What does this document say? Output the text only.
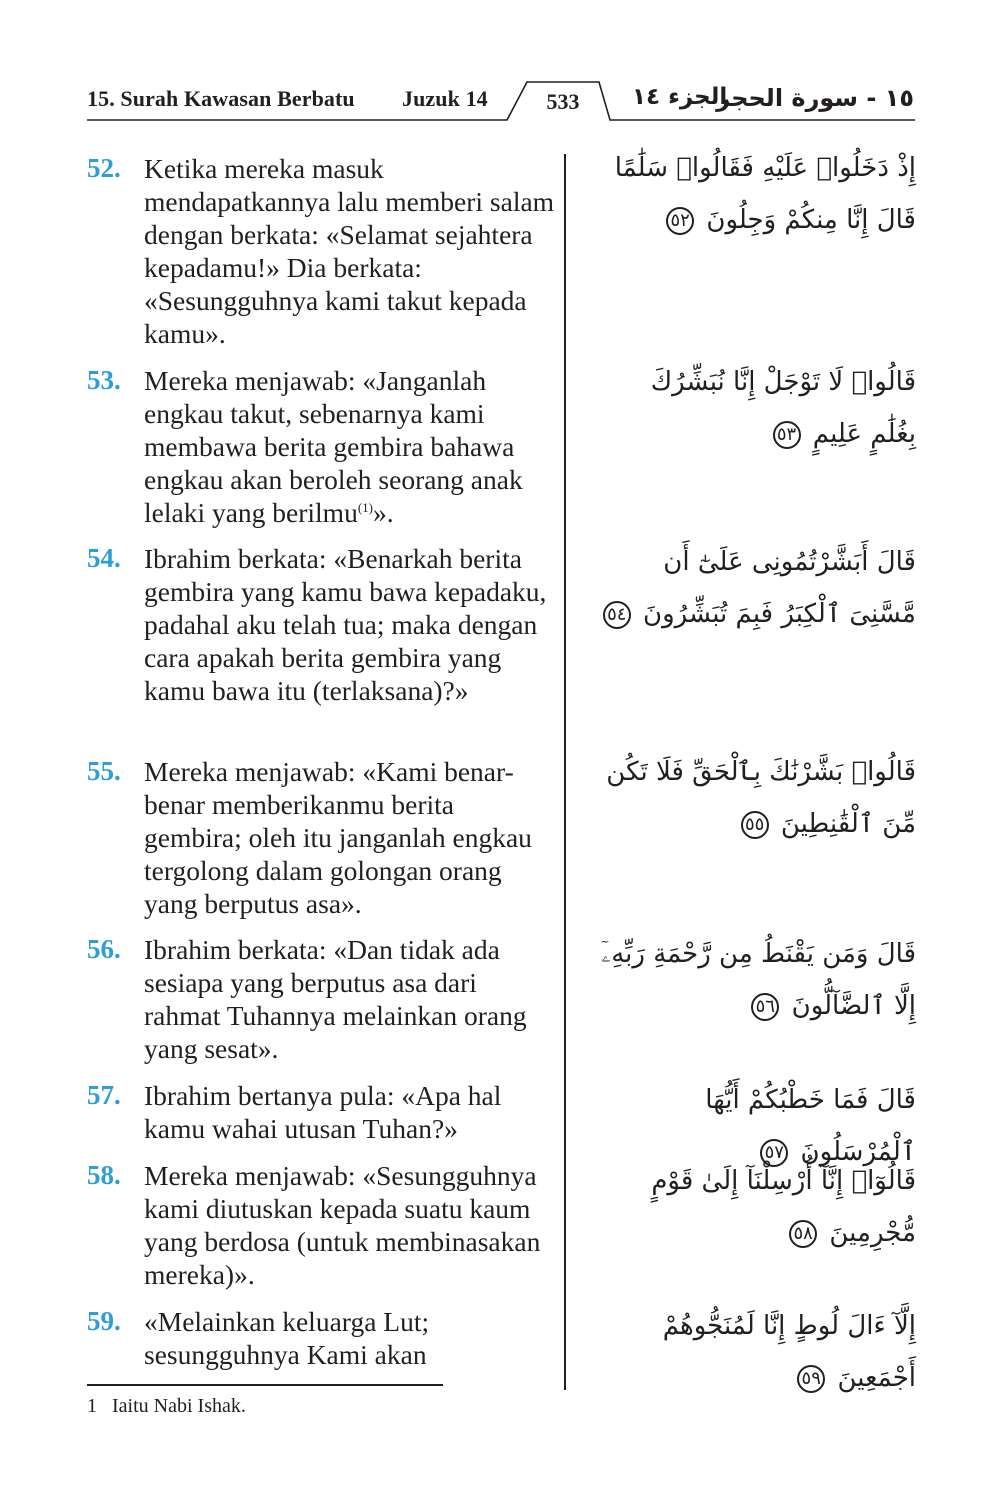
15. Surah Kawasan Berbatu Juzuk 14	533	الجزء ١٤
١٥ - سورة الحجر
52. Ketika mereka masuk mendapatkannya lalu memberi salam dengan berkata: «Selamat sejahtera kepadamu!» Dia berkata: «Sesungguhnya kami takut kepada kamu».
إِذْ دَخَلُوا۟ عَلَيْهِ فَقَالُوا۟ سَلَٰمًا قَالَ إِنَّا مِنكُمْ وَجِلُونَ ٥٢
53. Mereka menjawab: «Janganlah engkau takut, sebenarnya kami membawa berita gembira bahawa engkau akan beroleh seorang anak lelaki yang berilmu$^{(1)}$».
قَالُوا۟ لَا تَوْجَلْ إِنَّا نُبَشِّرُكَ بِغُلَٰمٍ عَلِيمٍ ٥٣
54. Ibrahim berkata: «Benarkah berita gembira yang kamu bawa kepadaku, padahal aku telah tua; maka dengan cara apakah berita gembira yang kamu bawa itu (terlaksana)?»
قَالَ أَبَشَّرْتُمُونِى عَلَىٰٓ أَن مَّسَّنِىَ ٱلْكِبَرُ فَبِمَ تُبَشِّرُونَ ٥٤
55. Mereka menjawab: «Kami benar-benar memberikanmu berita gembira; oleh itu janganlah engkau tergolong dalam golongan orang yang berputus asa».
قَالُوا۟ بَشَّرْنَٰكَ بِٱلْحَقِّ فَلَا تَكُن مِّنَ ٱلْقَٰنِطِينَ ٥٥
56. Ibrahim berkata: «Dan tidak ada sesiapa yang berputus asa dari rahmat Tuhannya melainkan orang yang sesat».
قَالَ وَمَن يَقْنَطُ مِن رَّحْمَةِ رَبِّهِۦٓ إِلَّا ٱلضَّآلُّونَ ٥٦
57. Ibrahim bertanya pula: «Apa hal kamu wahai utusan Tuhan?»
قَالَ فَمَا خَطْبُكُمْ أَيُّهَا ٱلْمُرْسَلُونَ ٥٧
58. Mereka menjawab: «Sesungguhnya kami diutuskan kepada suatu kaum yang berdosa (untuk membinasakan mereka)».
قَالُوٓا۟ إِنَّآ أُرْسِلْنَآ إِلَىٰ قَوْمٍ مُّجْرِمِينَ ٥٨
59. «Melainkan keluarga Lut; sesungguhnya Kami akan
إِلَّآ ءَالَ لُوطٍ إِنَّا لَمُنَجُّوهُمْ أَجْمَعِينَ ٥٩
1 Iaitu Nabi Ishak.
